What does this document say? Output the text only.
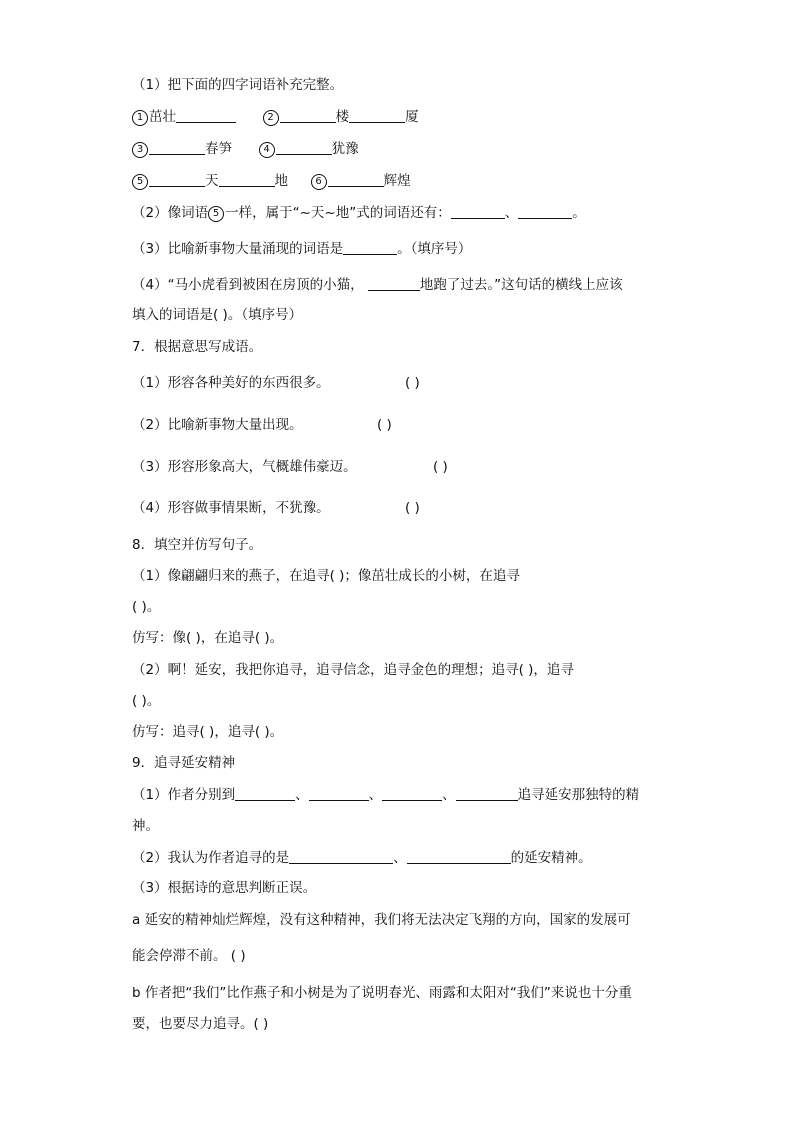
（1）把下面的四字词语补充完整。
1 茁壮	2	楼	厦
3	春笋	4	犹豫
5	天	地	6	辉煌
（2）像词语 5 一样，属于“~天~地”式的词语还有：	、	。
（3）比喻新事物大量涌现的词语是	。（填序号）
（4）“马小虎看到被困在房顶的小猫，	地跑了过去。”这句话的横线上应该
填入的词语是( )。（填序号）
7．根据意思写成语。
（1）形容各种美好的东西很多。	( )
（2）比喻新事物大量出现。	( )
（3）形容形象高大，气概雄伟豪迈。	( )
（4）形容做事情果断，不犹豫。	( )
8．填空并仿写句子。
（1）像翩翩归来的燕子，在追寻( )；像茁壮成长的小树，在追寻
( )。
仿写：像( )，在追寻( )。
（2）啊！延安，我把你追寻，追寻信念，追寻金色的理想；追寻( )，追寻
( )。
仿写：追寻( )，追寻( )。
9．追寻延安精神
（1）作者分别到	、	、	、	追寻延安那独特的精
神。
（2）我认为作者追寻的是	、	的延安精神。
（3）根据诗的意思判断正误。
a 延安的精神灿烂辉煌，没有这种精神，我们将无法决定飞翔的方向，国家的发展可
能会停滞不前。 ( )
b 作者把“我们”比作燕子和小树是为了说明春光、雨露和太阳对“我们”来说也十分重
要，也要尽力追寻。( )
